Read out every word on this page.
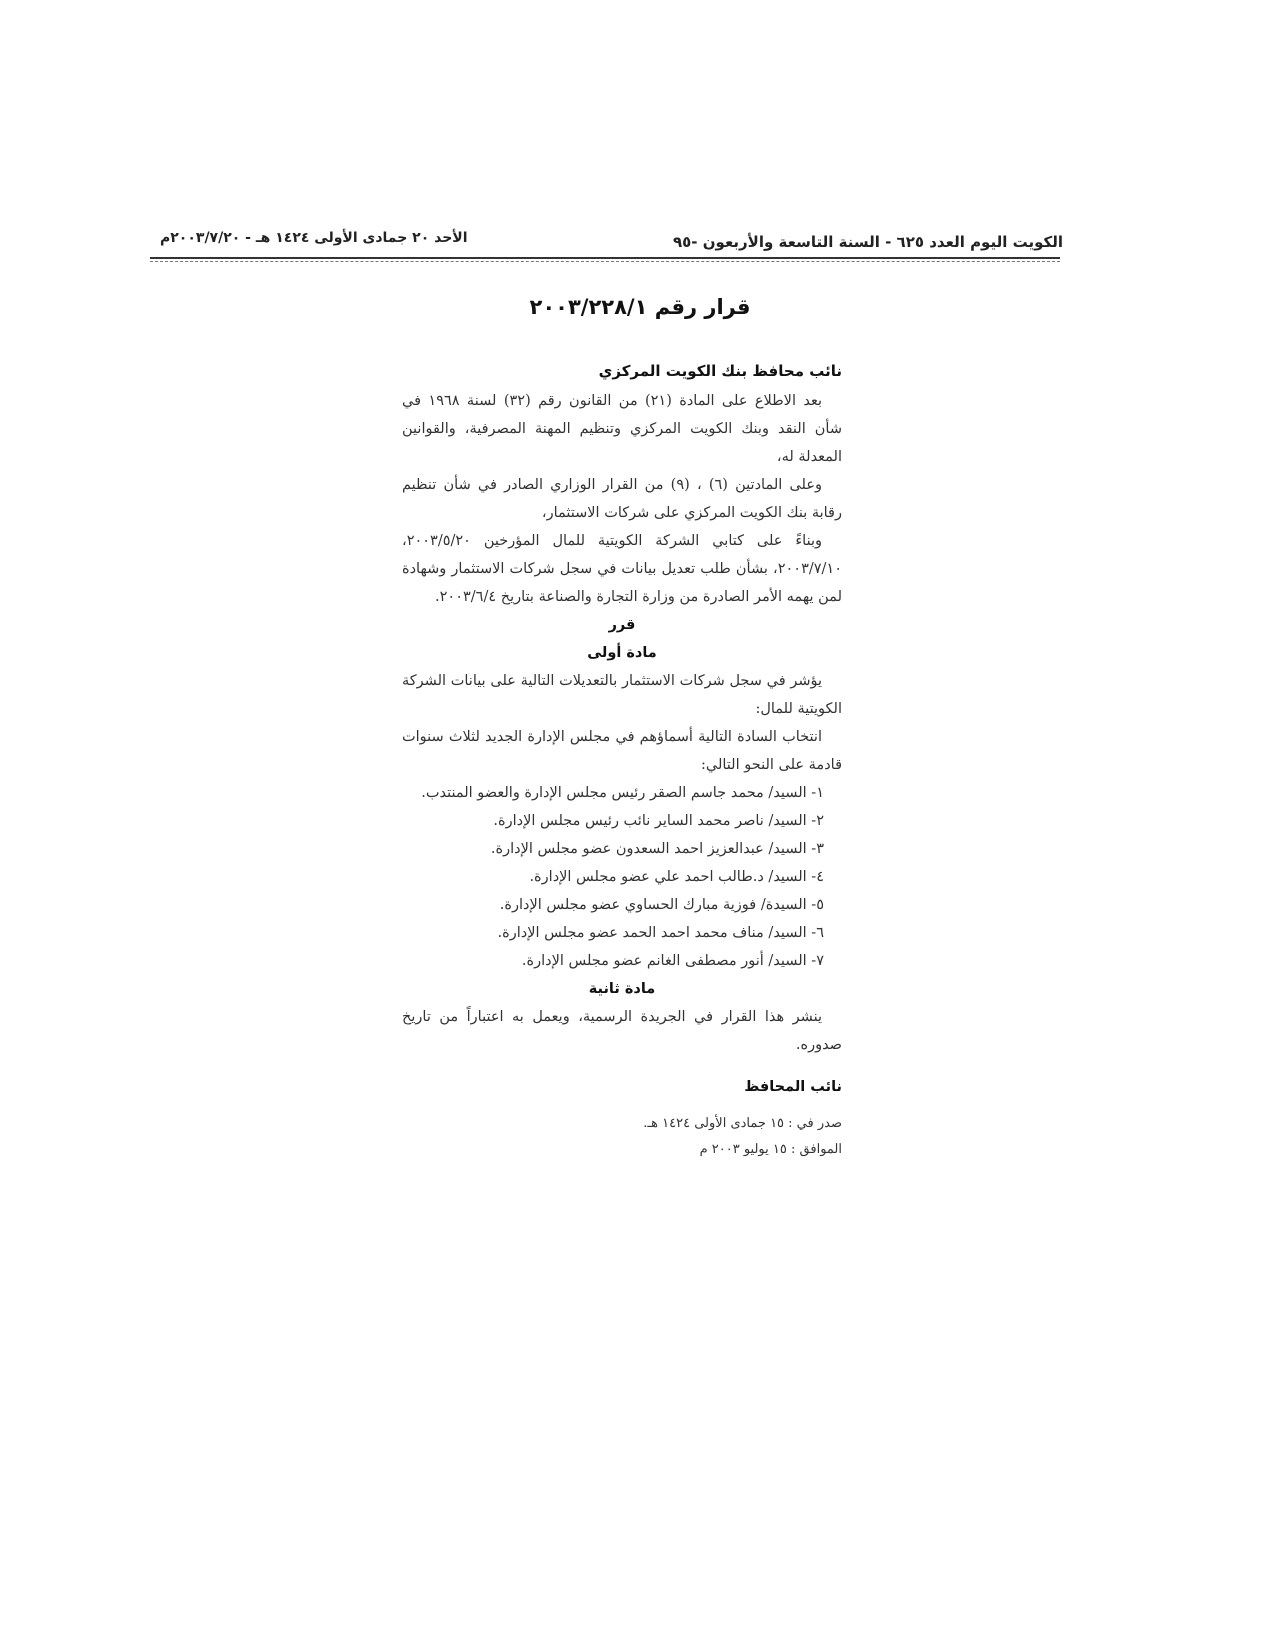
الكويت اليوم العدد ٦٢٥ - السنة التاسعة والأربعون -٩٥
الأحد ٢٠ جمادى الأولى ١٤٢٤ هـ - ٢٠٠٣/٧/٢٠م
قرار رقم ٢٠٠٣/٢٢٨/١

نائب محافظ بنك الكويت المركزي

بعد الاطلاع على المادة (٢١) من القانون رقم (٣٢) لسنة ١٩٦٨ في شأن النقد وبنك الكويت المركزي وتنظيم المهنة المصرفية، والقوانين المعدلة له،

وعلى المادتين (٦) ، (٩) من القرار الوزاري الصادر في شأن تنظيم رقابة بنك الكويت المركزي على شركات الاستثمار،

وبناءً على كتابي الشركة الكويتية للمال المؤرخين ٢٠٠٣/٥/٢٠، ٢٠٠٣/٧/١٠، بشأن طلب تعديل بيانات في سجل شركات الاستثمار وشهادة لمن يهمه الأمر الصادرة من وزارة التجارة والصناعة بتاريخ ٢٠٠٣/٦/٤.

قرر

مادة أولى

يؤشر في سجل شركات الاستثمار بالتعديلات التالية على بيانات الشركة الكويتية للمال:

انتخاب السادة التالية أسماؤهم في مجلس الإدارة الجديد لثلاث سنوات قادمة على النحو التالي:

١- السيد/ محمد جاسم الصقر رئيس مجلس الإدارة والعضو المنتدب.

٢- السيد/ ناصر محمد الساير نائب رئيس مجلس الإدارة.

٣- السيد/ عبدالعزيز احمد السعدون عضو مجلس الإدارة.

٤- السيد/ د.طالب احمد علي عضو مجلس الإدارة.

٥- السيدة/ فوزية مبارك الحساوي عضو مجلس الإدارة.

٦- السيد/ مناف محمد احمد الحمد عضو مجلس الإدارة.

٧- السيد/ أنور مصطفى الغانم عضو مجلس الإدارة.

مادة ثانية

ينشر هذا القرار في الجريدة الرسمية، ويعمل به اعتباراً من تاريخ صدوره.

نائب المحافظ

صدر في : ١٥ جمادى الأولى ١٤٢٤ هـ.

الموافق : ١٥ يوليو ٢٠٠٣ م
